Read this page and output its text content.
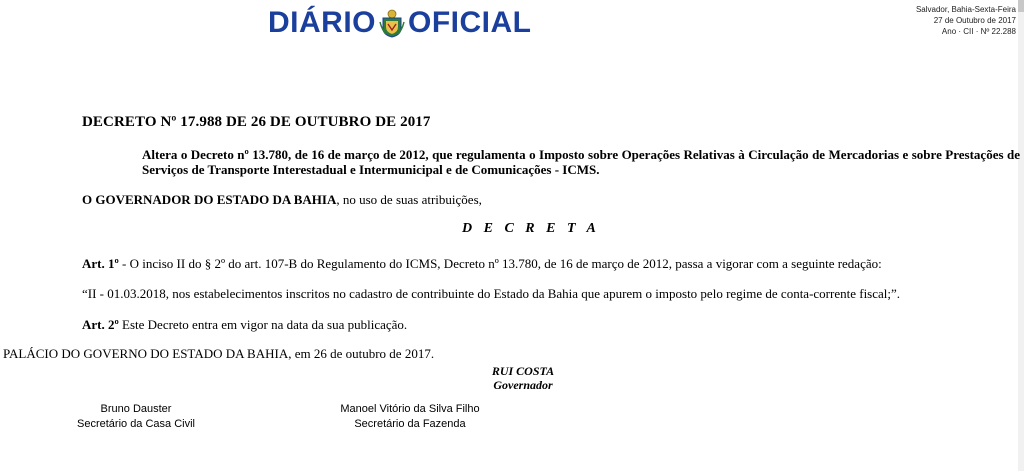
DIÁRIO OFICIAL	Salvador, Bahia-Sexta-Feira
27 de Outubro de 2017
Ano · CII · Nº 22.288
DECRETO Nº 17.988 DE 26 DE OUTUBRO DE 2017
Altera o Decreto nº 13.780, de 16 de março de 2012, que regulamenta o Imposto sobre Operações Relativas à Circulação de Mercadorias e sobre Prestações de Serviços de Transporte Interestadual e Intermunicipal e de Comunicações - ICMS.
O GOVERNADOR DO ESTADO DA BAHIA, no uso de suas atribuições,
D E C R E T A
Art. 1º - O inciso II do § 2º do art. 107-B do Regulamento do ICMS, Decreto nº 13.780, de 16 de março de 2012, passa a vigorar com a seguinte redação:
“II - 01.03.2018, nos estabelecimentos inscritos no cadastro de contribuinte do Estado da Bahia que apurem o imposto pelo regime de conta-corrente fiscal;”.
Art. 2º Este Decreto entra em vigor na data da sua publicação.
PALÁCIO DO GOVERNO DO ESTADO DA BAHIA, em 26 de outubro de 2017.
RUI COSTA
Governador
Bruno Dauster
Secretário da Casa Civil
Manoel Vitório da Silva Filho
Secretário da Fazenda
